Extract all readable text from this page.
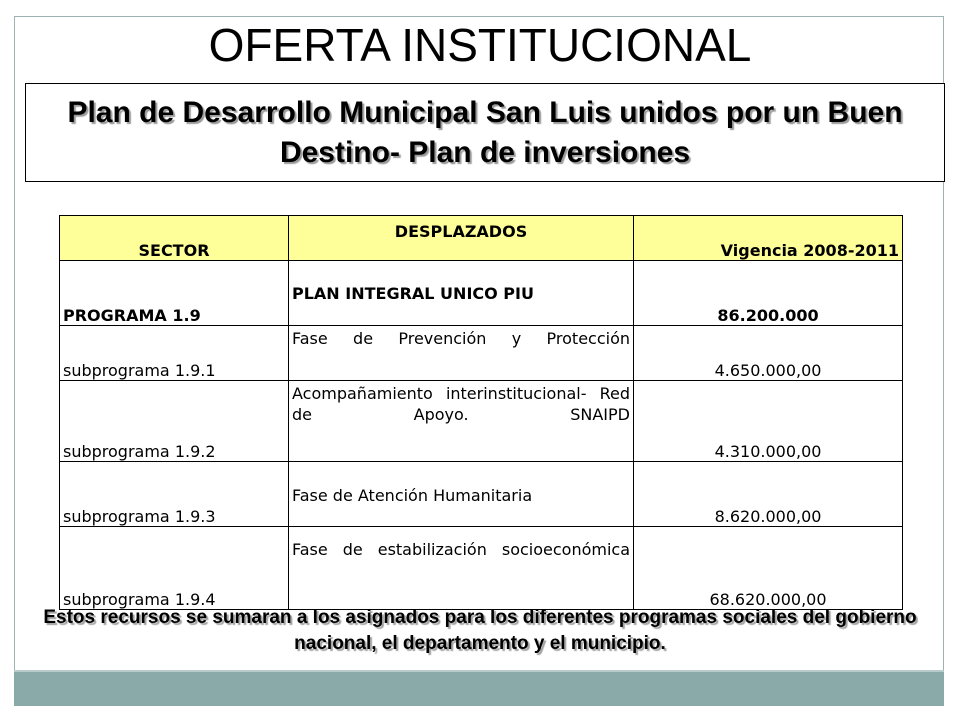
OFERTA INSTITUCIONAL
Plan de Desarrollo Municipal San Luis unidos por un Buen Destino- Plan de inversiones
SECTOR	DESPLAZADOS	Vigencia 2008-2011
PROGRAMA 1.9	PLAN INTEGRAL UNICO PIU	86.200.000
subprograma 1.9.1	Fase de Prevención y Protección	4.650.000,00
subprograma 1.9.2	Acompañamiento interinstitucional- Red de Apoyo. SNAIPD	4.310.000,00
subprograma 1.9.3	Fase de Atención Humanitaria	8.620.000,00
subprograma 1.9.4	Fase de estabilización socioeconómica	68.620.000,00
Estos recursos se sumaran a los asignados para los diferentes programas sociales del gobierno nacional, el departamento y el municipio.
